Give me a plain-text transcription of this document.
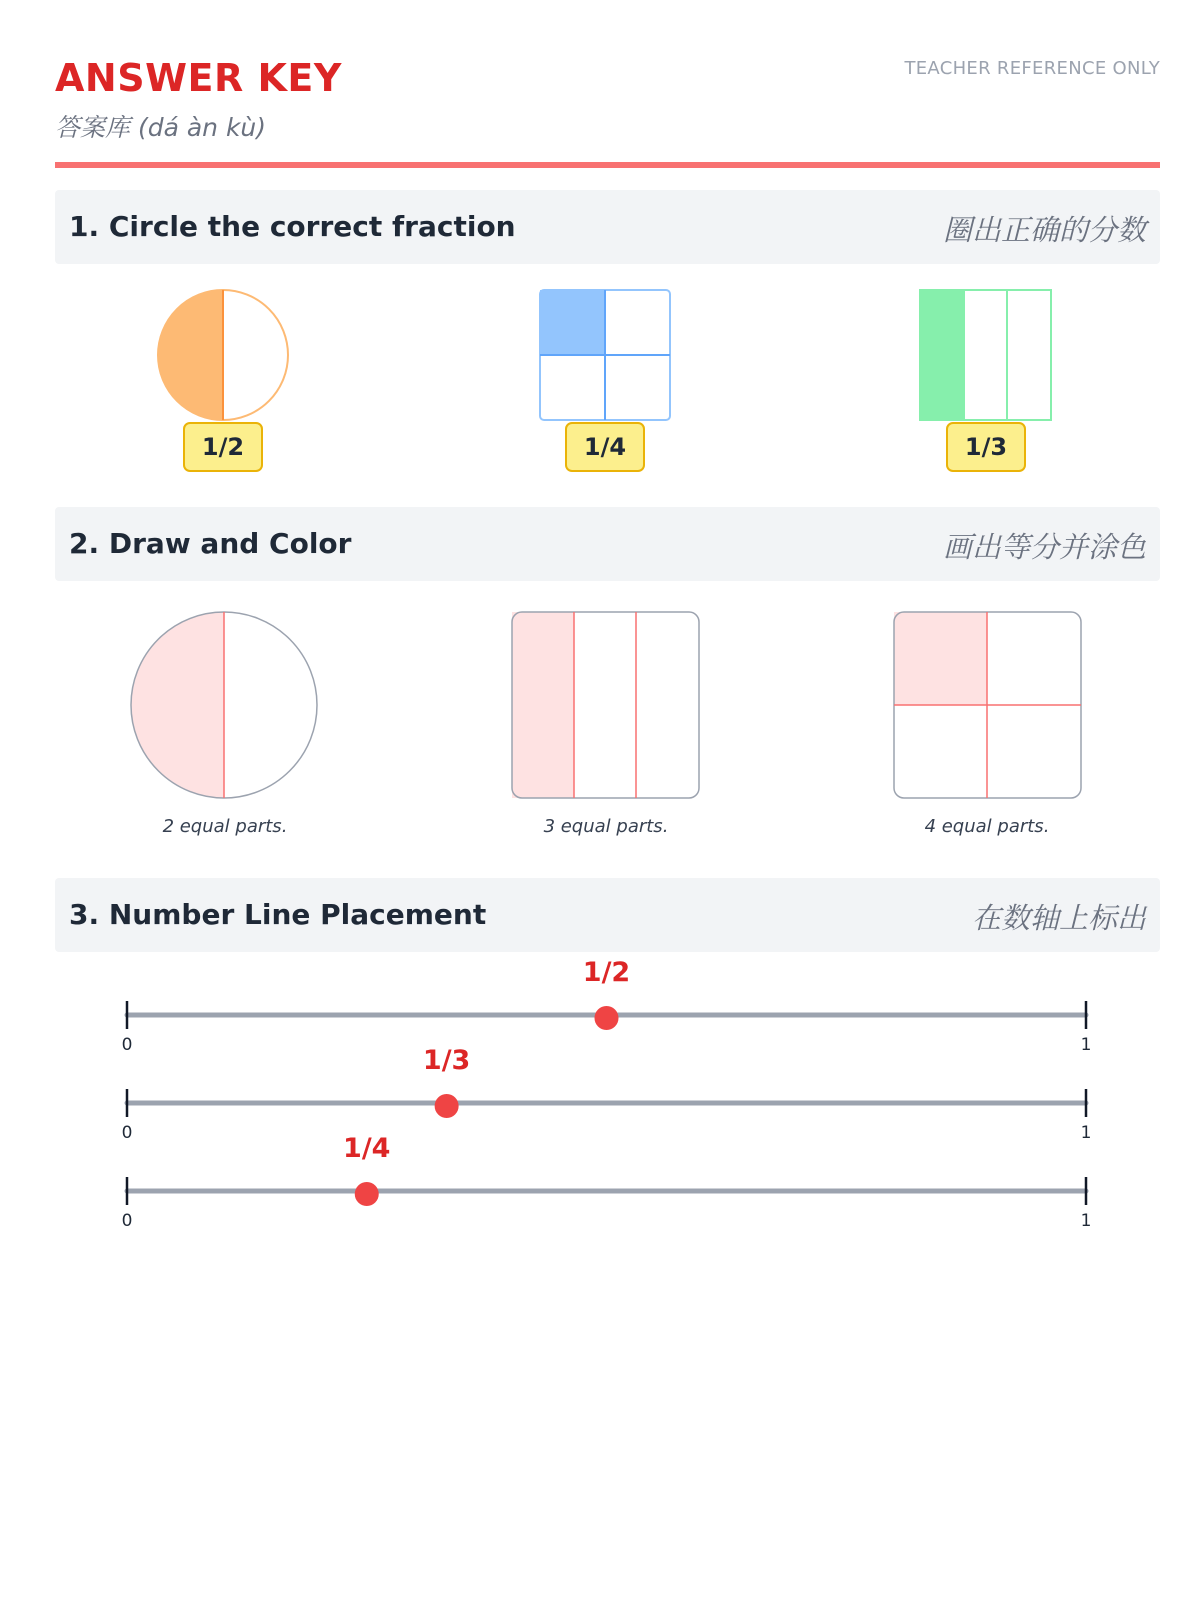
ANSWER KEY
答案库 (dá àn kù)
TEACHER REFERENCE ONLY
1. Circle the correct fraction	圈出正确的分数
1/2	1/4	1/3
2. Draw and Color	画出等分并涂色
2 equal parts.	3 equal parts.	4 equal parts.
3. Number Line Placement	在数轴上标出
1/2
0	1
1/3
0	1
1/4
0	1
